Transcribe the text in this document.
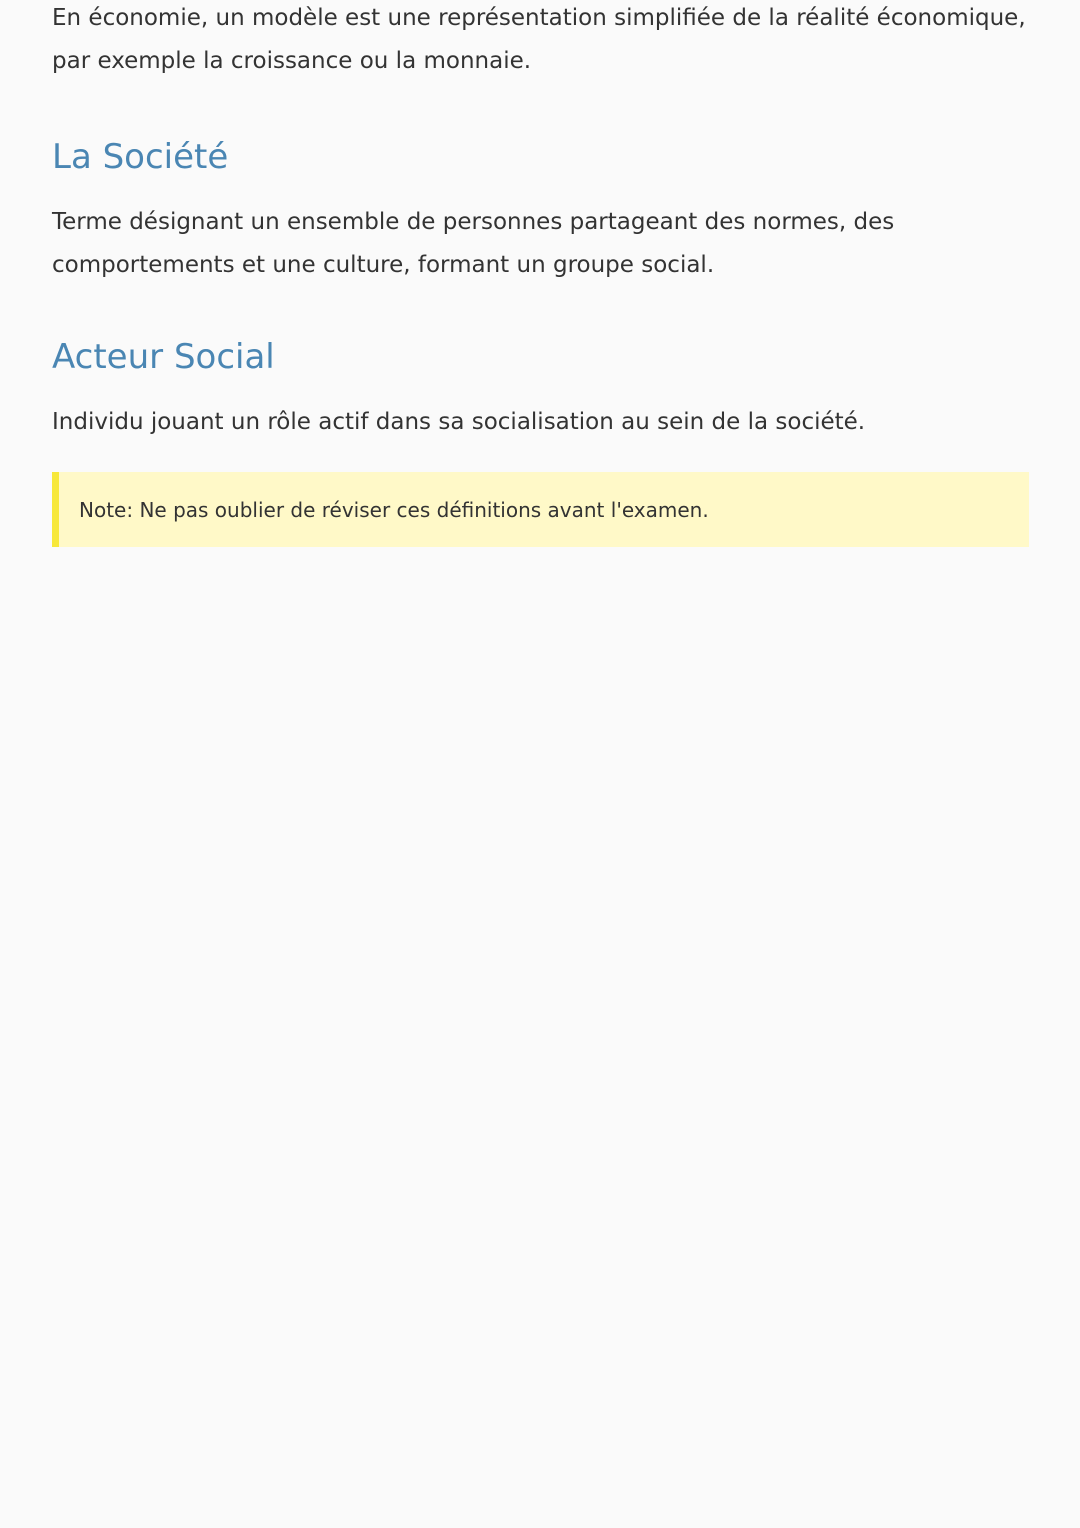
En économie, un modèle est une représentation simplifiée de la réalité économique, par exemple la croissance ou la monnaie.

La Société

Terme désignant un ensemble de personnes partageant des normes, des comportements et une culture, formant un groupe social.

Acteur Social

Individu jouant un rôle actif dans sa socialisation au sein de la société.

Note: Ne pas oublier de réviser ces définitions avant l'examen.
